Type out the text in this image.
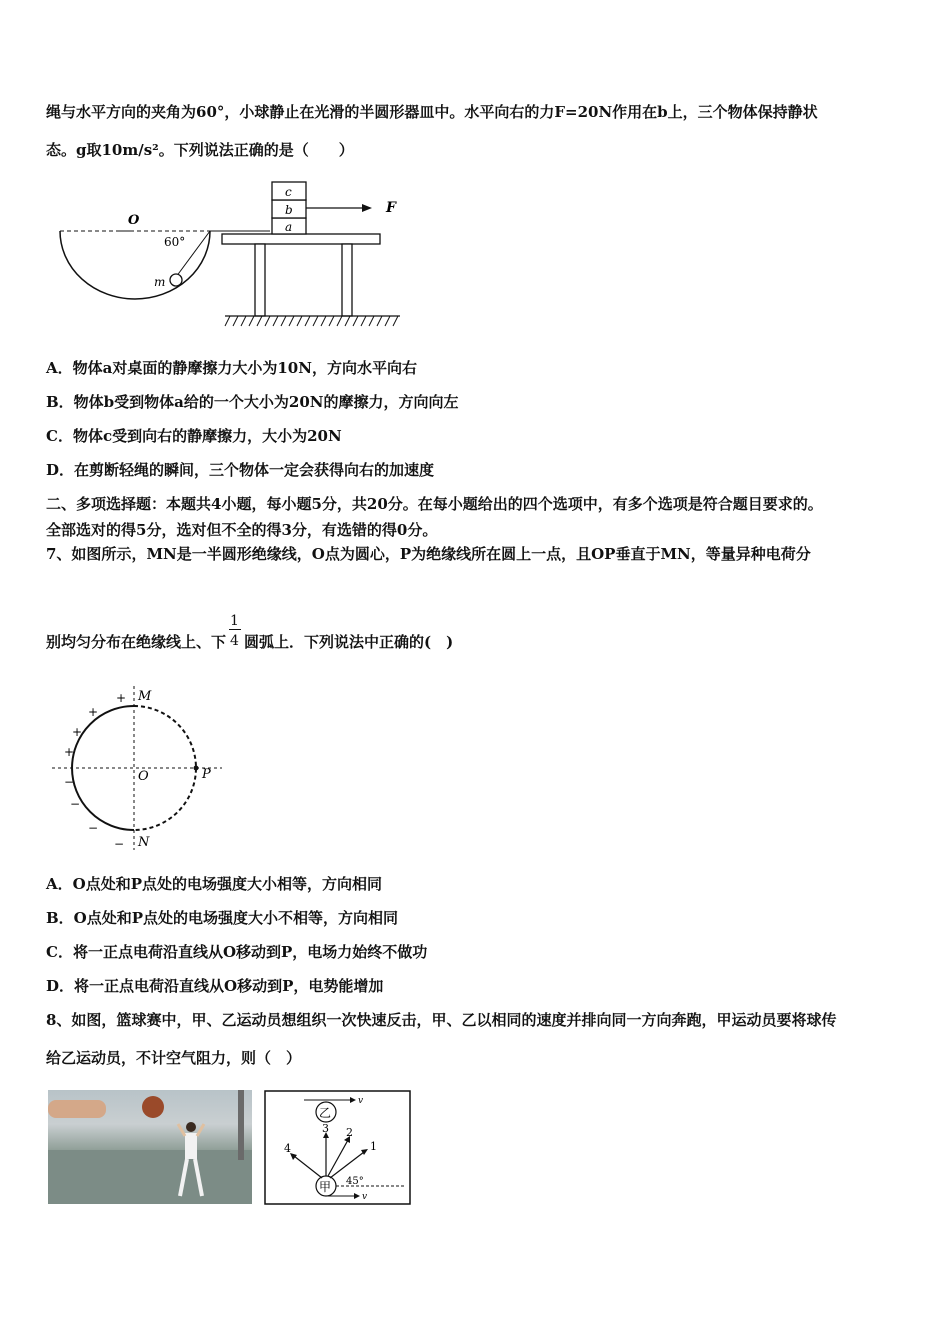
绳与水平方向的夹角为60°，小球静止在光滑的半圆形器皿中。水平向右的力F=20N作用在b上，三个物体保持静状
态。g取10m/s²。下列说法正确的是（　　）
O
60°
m
a
b
c
F
A．物体a对桌面的静摩擦力大小为10N，方向水平向右
B．物体b受到物体a给的一个大小为20N的摩擦力，方向向左
C．物体c受到向右的静摩擦力，大小为20N
D．在剪断轻绳的瞬间，三个物体一定会获得向右的加速度
二、多项选择题：本题共4小题，每小题5分，共20分。在每小题给出的四个选项中，有多个选项是符合题目要求的。
全部选对的得5分，选对但不全的得3分，有选错的得0分。
7、如图所示，MN是一半圆形绝缘线，O点为圆心，P为绝缘线所在圆上一点，且OP垂直于MN，等量异种电荷分
别均匀分布在绝缘线上、下 $\frac{1}{4}$ 圆弧上．下列说法中正确的(　)
M
N
O	P
+
+
+
+
−
−
−
−
A．O点处和P点处的电场强度大小相等，方向相同
B．O点处和P点处的电场强度大小不相等，方向相同
C．将一正点电荷沿直线从O移动到P，电场力始终不做功
D．将一正点电荷沿直线从O移动到P，电势能增加
8、如图，篮球赛中，甲、乙运动员想组织一次快速反击，甲、乙以相同的速度并排向同一方向奔跑，甲运动员要将球传
给乙运动员，不计空气阻力，则（　）
乙
v
甲
v
3 2
1
4
45°
